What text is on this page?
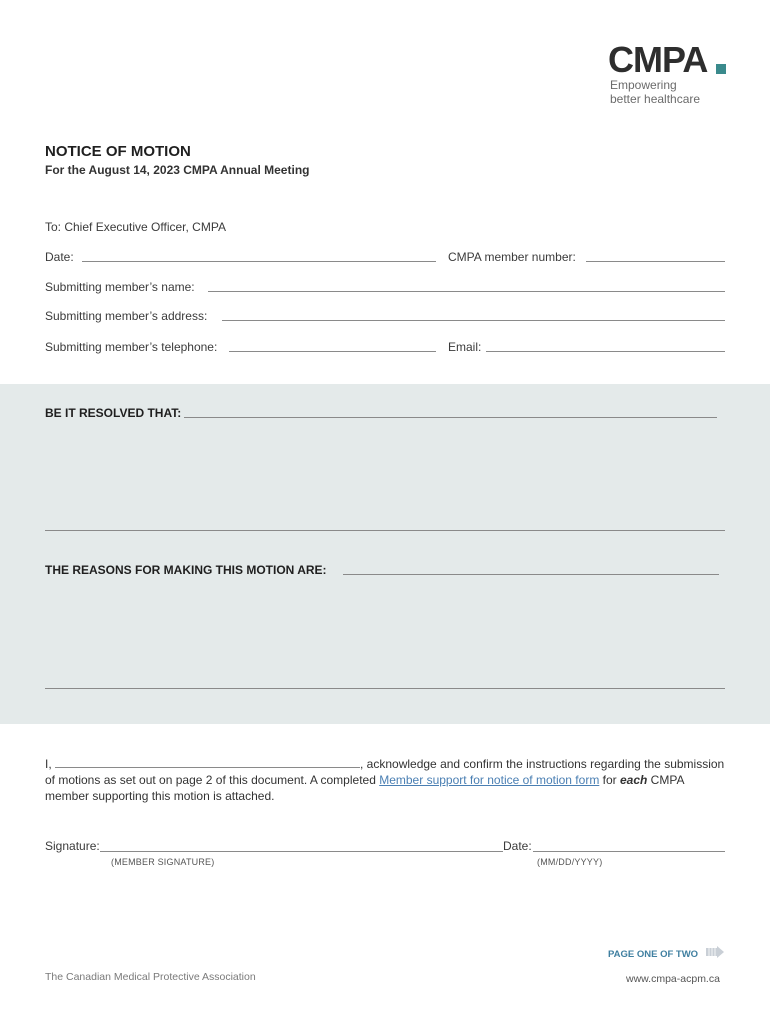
CMPA
Empowering
better healthcare
NOTICE OF MOTION
For the August 14, 2023 CMPA Annual Meeting
To: Chief Executive Officer, CMPA
Date:	CMPA member number:
Submitting member’s name:
Submitting member’s address:
Submitting member’s telephone:	Email:
BE IT RESOLVED THAT:
THE REASONS FOR MAKING THIS MOTION ARE:
I,	, acknowledge and confirm the instructions regarding the submission of motions as set out on page 2 of this document. A completed Member support for notice of motion form for each CMPA member supporting this motion is attached.
Signature:
(MEMBER SIGNATURE)
Date:
(MM/DD/YYYY)
PAGE ONE OF TWO
The Canadian Medical Protective Association	www.cmpa-acpm.ca
